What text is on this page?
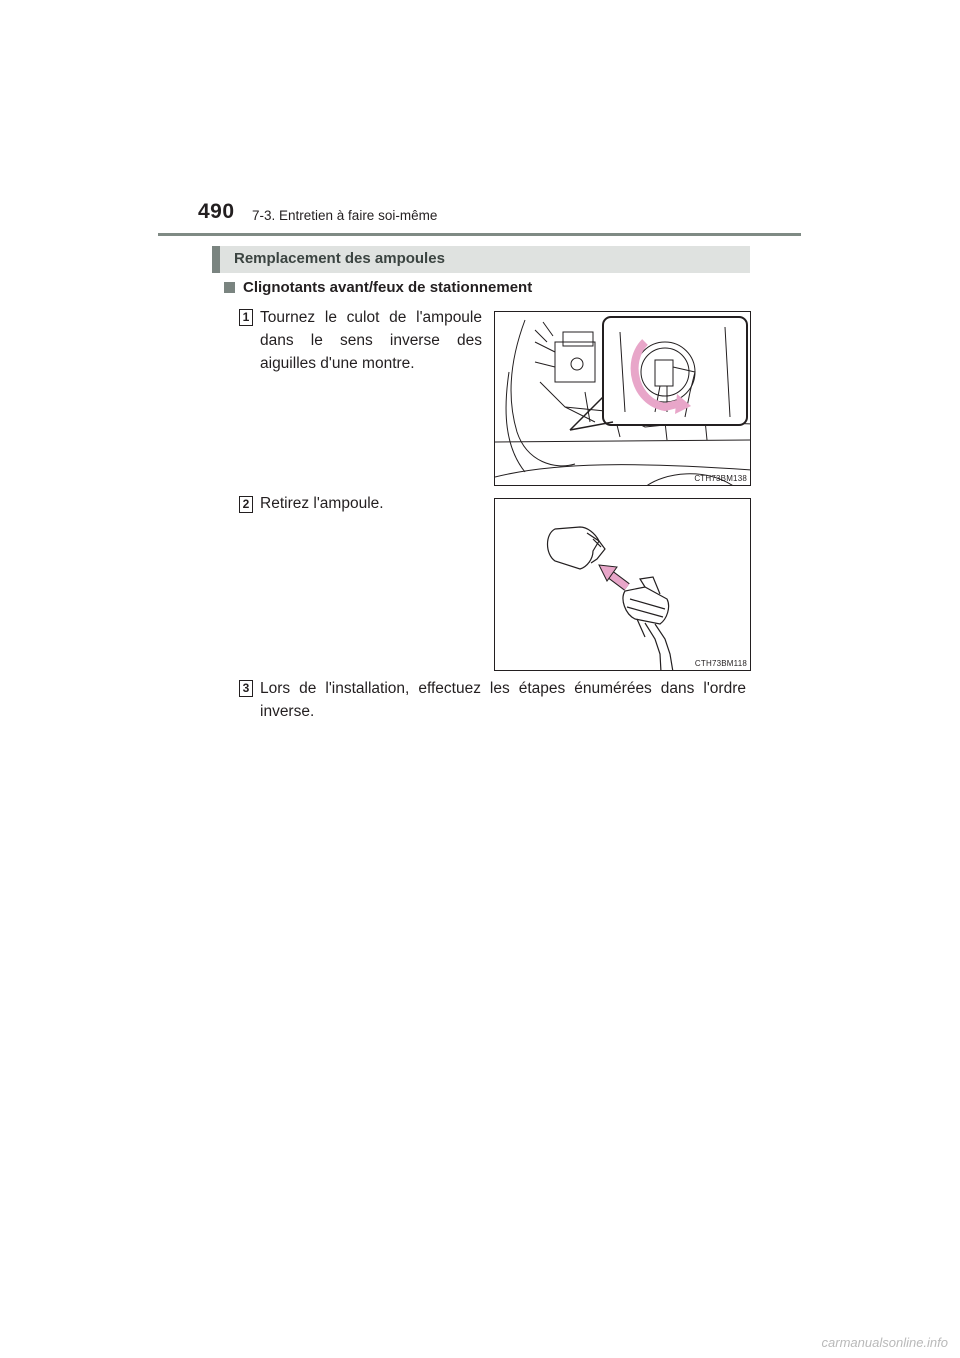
490 7-3. Entretien à faire soi-même
Remplacement des ampoules
Clignotants avant/feux de stationnement
1 Tournez le culot de l'ampoule dans le sens inverse des aiguilles d'une montre.
CTH73BM138
2 Retirez l'ampoule.
CTH73BM118
3 Lors de l'installation, effectuez les étapes énumérées dans l'ordre inverse.
carmanualsonline.info
